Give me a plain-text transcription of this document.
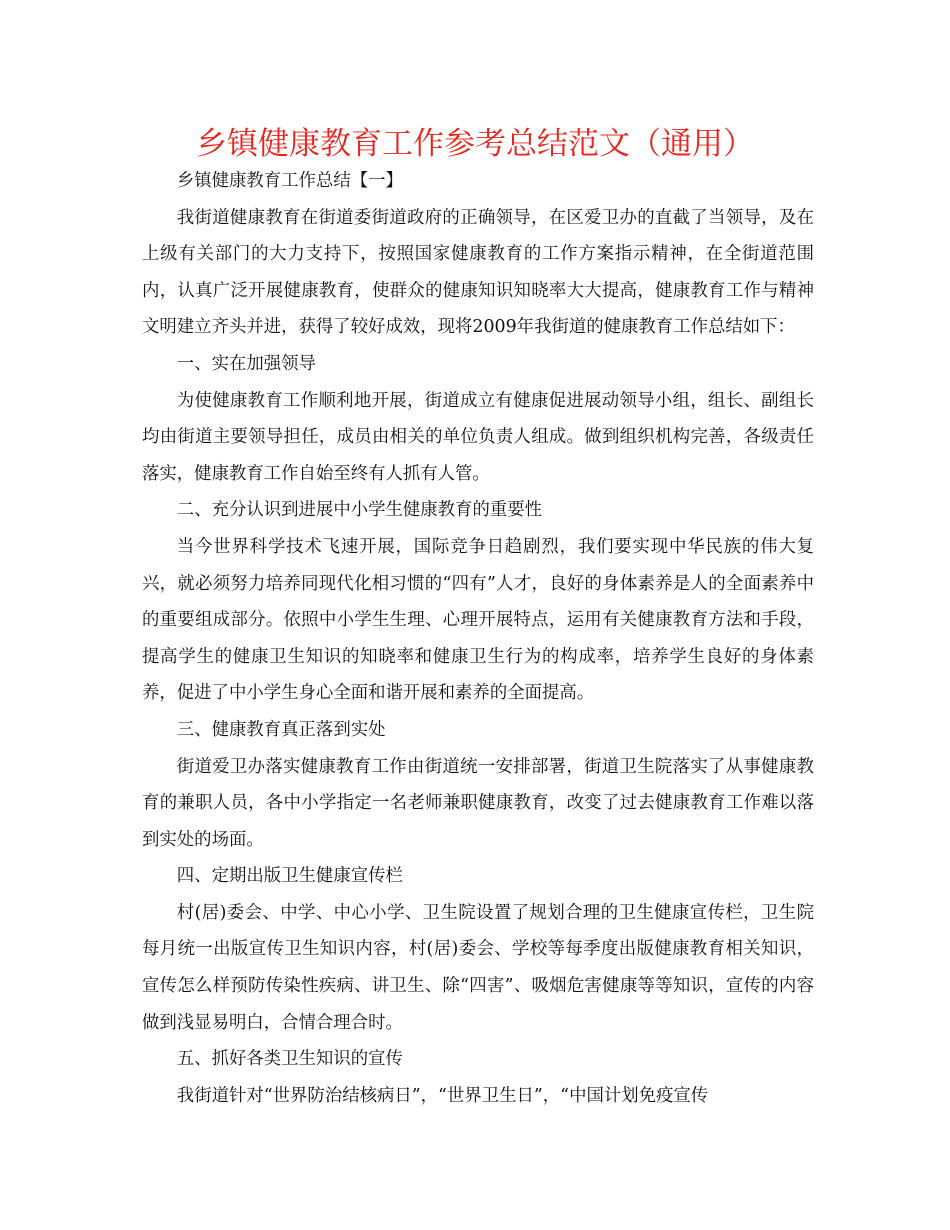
乡镇健康教育工作参考总结范文（通用）

乡镇健康教育工作总结【一】

我街道健康教育在街道委街道政府的正确领导，在区爱卫办的直截了当领导，及在上级有关部门的大力支持下，按照国家健康教育的工作方案指示精神，在全街道范围内，认真广泛开展健康教育，使群众的健康知识知晓率大大提高，健康教育工作与精神文明建立齐头并进，获得了较好成效，现将2009年我街道的健康教育工作总结如下：

一、实在加强领导

为使健康教育工作顺利地开展，街道成立有健康促进展动领导小组，组长、副组长均由街道主要领导担任，成员由相关的单位负责人组成。做到组织机构完善，各级责任落实，健康教育工作自始至终有人抓有人管。

二、充分认识到进展中小学生健康教育的重要性

当今世界科学技术飞速开展，国际竞争日趋剧烈，我们要实现中华民族的伟大复兴，就必须努力培养同现代化相习惯的“四有”人才，良好的身体素养是人的全面素养中的重要组成部分。依照中小学生生理、心理开展特点，运用有关健康教育方法和手段，提高学生的健康卫生知识的知晓率和健康卫生行为的构成率，培养学生良好的身体素养，促进了中小学生身心全面和谐开展和素养的全面提高。

三、健康教育真正落到实处

街道爱卫办落实健康教育工作由街道统一安排部署，街道卫生院落实了从事健康教育的兼职人员，各中小学指定一名老师兼职健康教育，改变了过去健康教育工作难以落到实处的场面。

四、定期出版卫生健康宣传栏

村(居)委会、中学、中心小学、卫生院设置了规划合理的卫生健康宣传栏，卫生院每月统一出版宣传卫生知识内容，村(居)委会、学校等每季度出版健康教育相关知识，宣传怎么样预防传染性疾病、讲卫生、除“四害”、吸烟危害健康等等知识，宣传的内容做到浅显易明白，合情合理合时。

五、抓好各类卫生知识的宣传

我街道针对“世界防治结核病日”，“世界卫生日”，“中国计划免疫宣传
